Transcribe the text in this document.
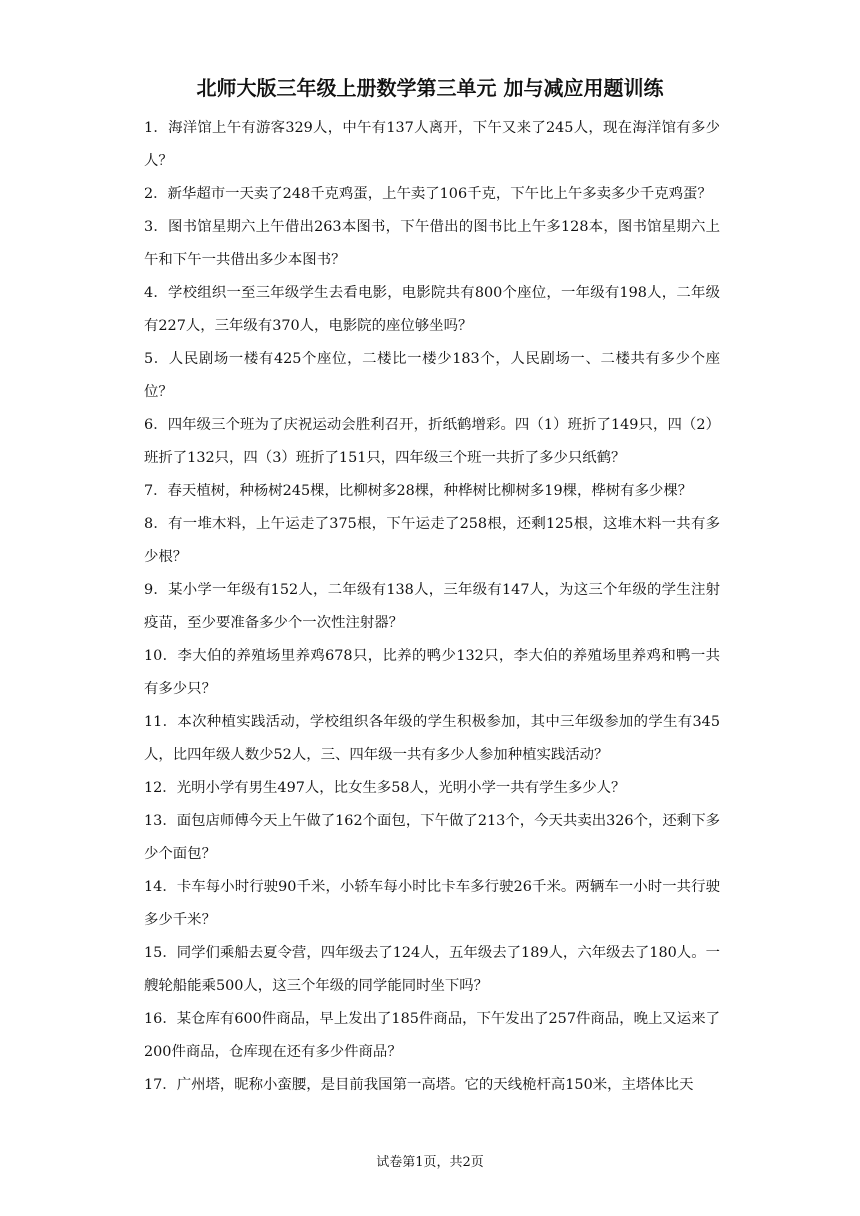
北师大版三年级上册数学第三单元 加与减应用题训练
1．海洋馆上午有游客329人，中午有137人离开，下午又来了245人，现在海洋馆有多少人？
2．新华超市一天卖了248千克鸡蛋，上午卖了106千克，下午比上午多卖多少千克鸡蛋？
3．图书馆星期六上午借出263本图书，下午借出的图书比上午多128本，图书馆星期六上午和下午一共借出多少本图书？
4．学校组织一至三年级学生去看电影，电影院共有800个座位，一年级有198人，二年级有227人，三年级有370人，电影院的座位够坐吗？
5．人民剧场一楼有425个座位，二楼比一楼少183个，人民剧场一、二楼共有多少个座位？
6．四年级三个班为了庆祝运动会胜利召开，折纸鹤增彩。四（1）班折了149只，四（2）班折了132只，四（3）班折了151只，四年级三个班一共折了多少只纸鹤？
7．春天植树，种杨树245棵，比柳树多28棵，种桦树比柳树多19棵，桦树有多少棵？
8．有一堆木料，上午运走了375根，下午运走了258根，还剩125根，这堆木料一共有多少根？
9．某小学一年级有152人，二年级有138人，三年级有147人，为这三个年级的学生注射疫苗，至少要准备多少个一次性注射器？
10．李大伯的养殖场里养鸡678只，比养的鸭少132只，李大伯的养殖场里养鸡和鸭一共有多少只？
11．本次种植实践活动，学校组织各年级的学生积极参加，其中三年级参加的学生有345人，比四年级人数少52人，三、四年级一共有多少人参加种植实践活动？
12．光明小学有男生497人，比女生多58人，光明小学一共有学生多少人？
13．面包店师傅今天上午做了162个面包，下午做了213个，今天共卖出326个，还剩下多少个面包？
14．卡车每小时行驶90千米，小轿车每小时比卡车多行驶26千米。两辆车一小时一共行驶多少千米？
15．同学们乘船去夏令营，四年级去了124人，五年级去了189人，六年级去了180人。一艘轮船能乘500人，这三个年级的同学能同时坐下吗？
16．某仓库有600件商品，早上发出了185件商品，下午发出了257件商品，晚上又运来了200件商品，仓库现在还有多少件商品？
17．广州塔，昵称小蛮腰，是目前我国第一高塔。它的天线桅杆高150米，主塔体比天
试卷第1页，共2页
